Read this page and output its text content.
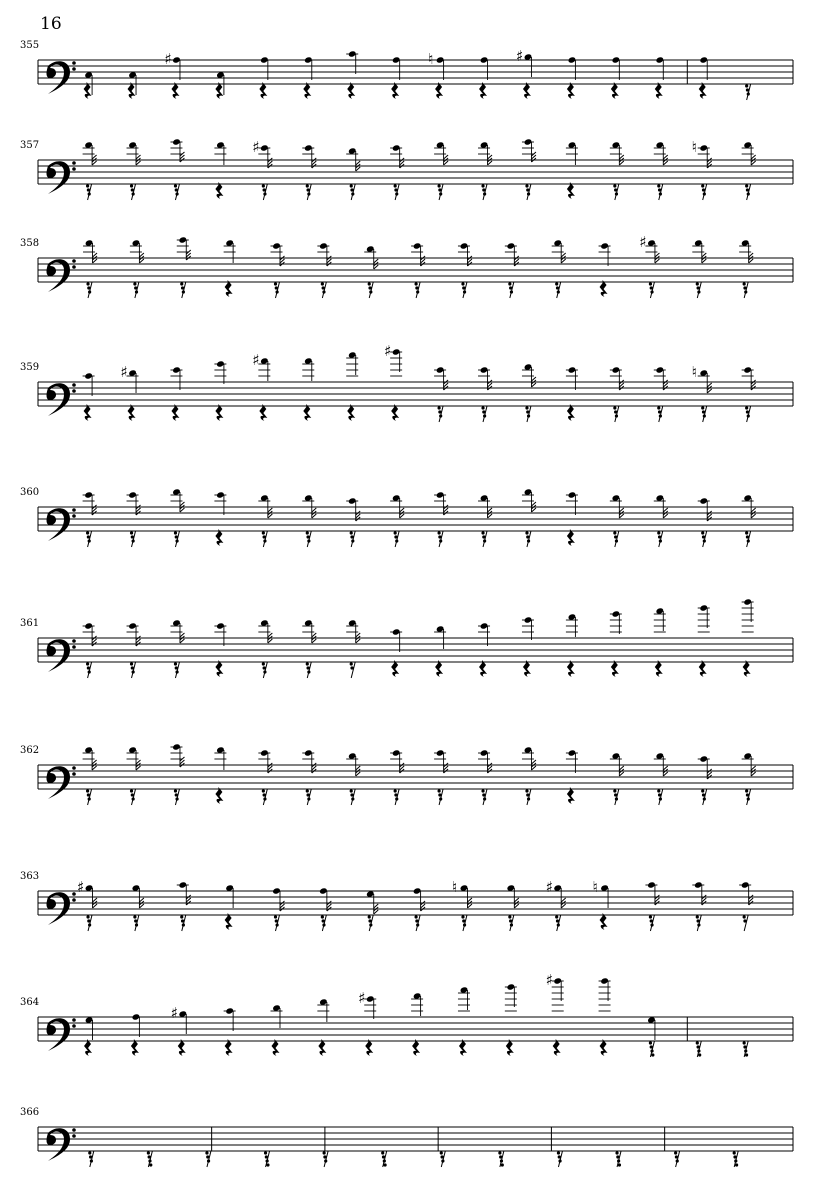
16
355
♯	♮	♯
357	♯	♮
358	♯
359	♯
♯	♯
♮
360
361
362
363
♯	♮	♯	♮
364
♯
♯
♯
366
